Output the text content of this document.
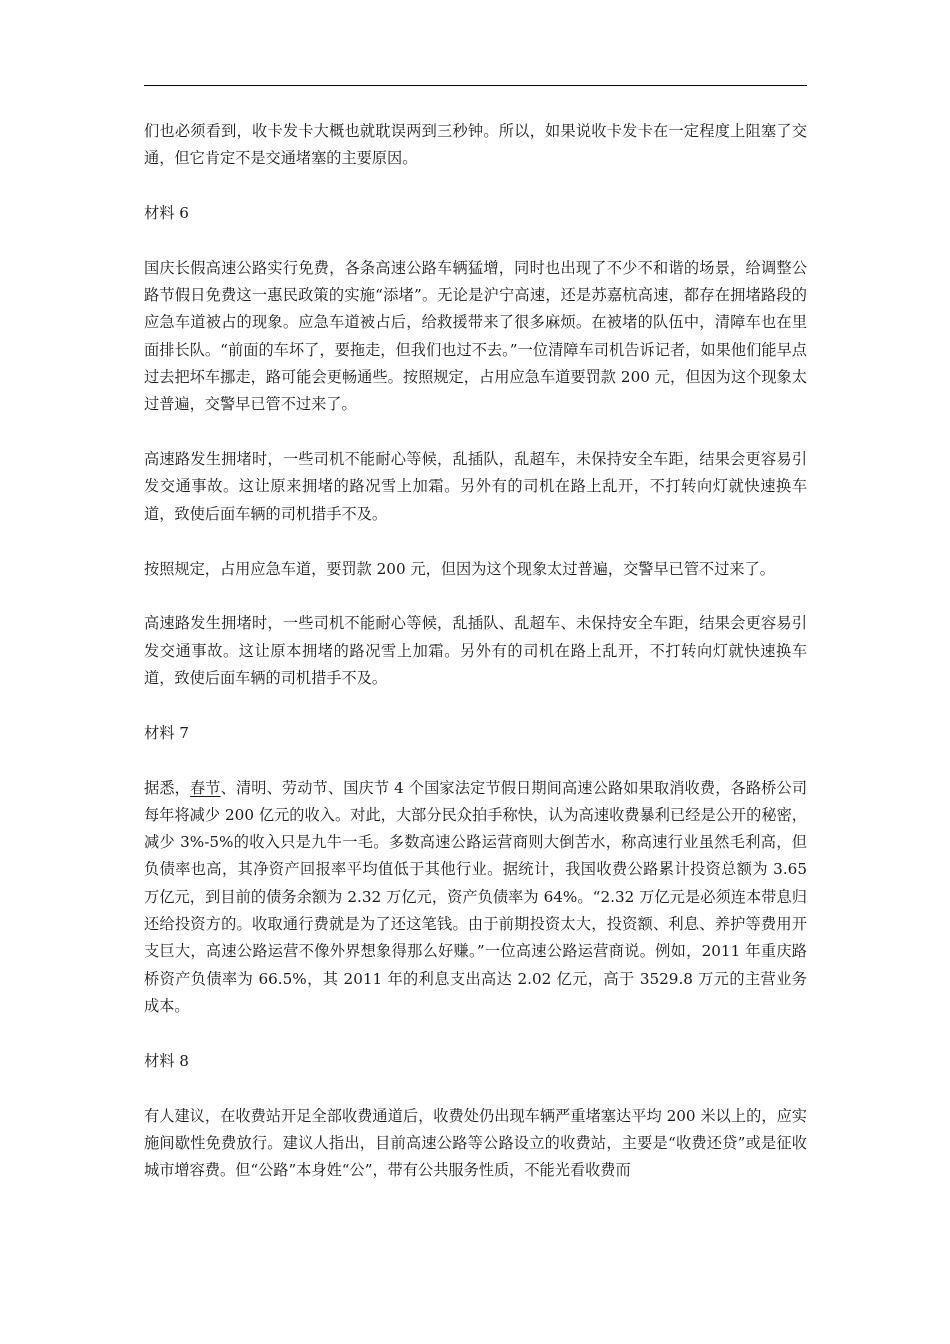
们也必须看到，收卡发卡大概也就耽误两到三秒钟。所以，如果说收卡发卡在一定程度上阻塞了交通，但它肯定不是交通堵塞的主要原因。

材料 6

国庆长假高速公路实行免费，各条高速公路车辆猛增，同时也出现了不少不和谐的场景，给调整公路节假日免费这一惠民政策的实施“添堵”。无论是沪宁高速，还是苏嘉杭高速，都存在拥堵路段的应急车道被占的现象。应急车道被占后，给救援带来了很多麻烦。在被堵的队伍中，清障车也在里面排长队。“前面的车坏了，要拖走，但我们也过不去。”一位清障车司机告诉记者，如果他们能早点过去把坏车挪走，路可能会更畅通些。按照规定，占用应急车道要罚款 200 元，但因为这个现象太过普遍，交警早已管不过来了。

高速路发生拥堵时，一些司机不能耐心等候，乱插队，乱超车，未保持安全车距，结果会更容易引发交通事故。这让原来拥堵的路况雪上加霜。另外有的司机在路上乱开，不打转向灯就快速换车道，致使后面车辆的司机措手不及。

按照规定，占用应急车道，要罚款 200 元，但因为这个现象太过普遍，交警早已管不过来了。

高速路发生拥堵时，一些司机不能耐心等候，乱插队、乱超车、未保持安全车距，结果会更容易引发交通事故。这让原本拥堵的路况雪上加霜。另外有的司机在路上乱开，不打转向灯就快速换车道，致使后面车辆的司机措手不及。

材料 7

据悉，春节、清明、劳动节、国庆节 4 个国家法定节假日期间高速公路如果取消收费，各路桥公司每年将减少 200 亿元的收入。对此，大部分民众拍手称快，认为高速收费暴利已经是公开的秘密，减少 3%-5%的收入只是九牛一毛。多数高速公路运营商则大倒苦水，称高速行业虽然毛利高，但负债率也高，其净资产回报率平均值低于其他行业。据统计，我国收费公路累计投资总额为 3.65 万亿元，到目前的债务余额为 2.32 万亿元，资产负债率为 64%。“2.32 万亿元是必须连本带息归还给投资方的。收取通行费就是为了还这笔钱。由于前期投资太大，投资额、利息、养护等费用开支巨大，高速公路运营不像外界想象得那么好赚。”一位高速公路运营商说。例如，2011 年重庆路桥资产负债率为 66.5%，其 2011 年的利息支出高达 2.02 亿元，高于 3529.8 万元的主营业务成本。

材料 8

有人建议，在收费站开足全部收费通道后，收费处仍出现车辆严重堵塞达平均 200 米以上的，应实施间歇性免费放行。建议人指出，目前高速公路等公路设立的收费站，主要是“收费还贷”或是征收城市增容费。但“公路”本身姓“公”，带有公共服务性质，不能光看收费而
